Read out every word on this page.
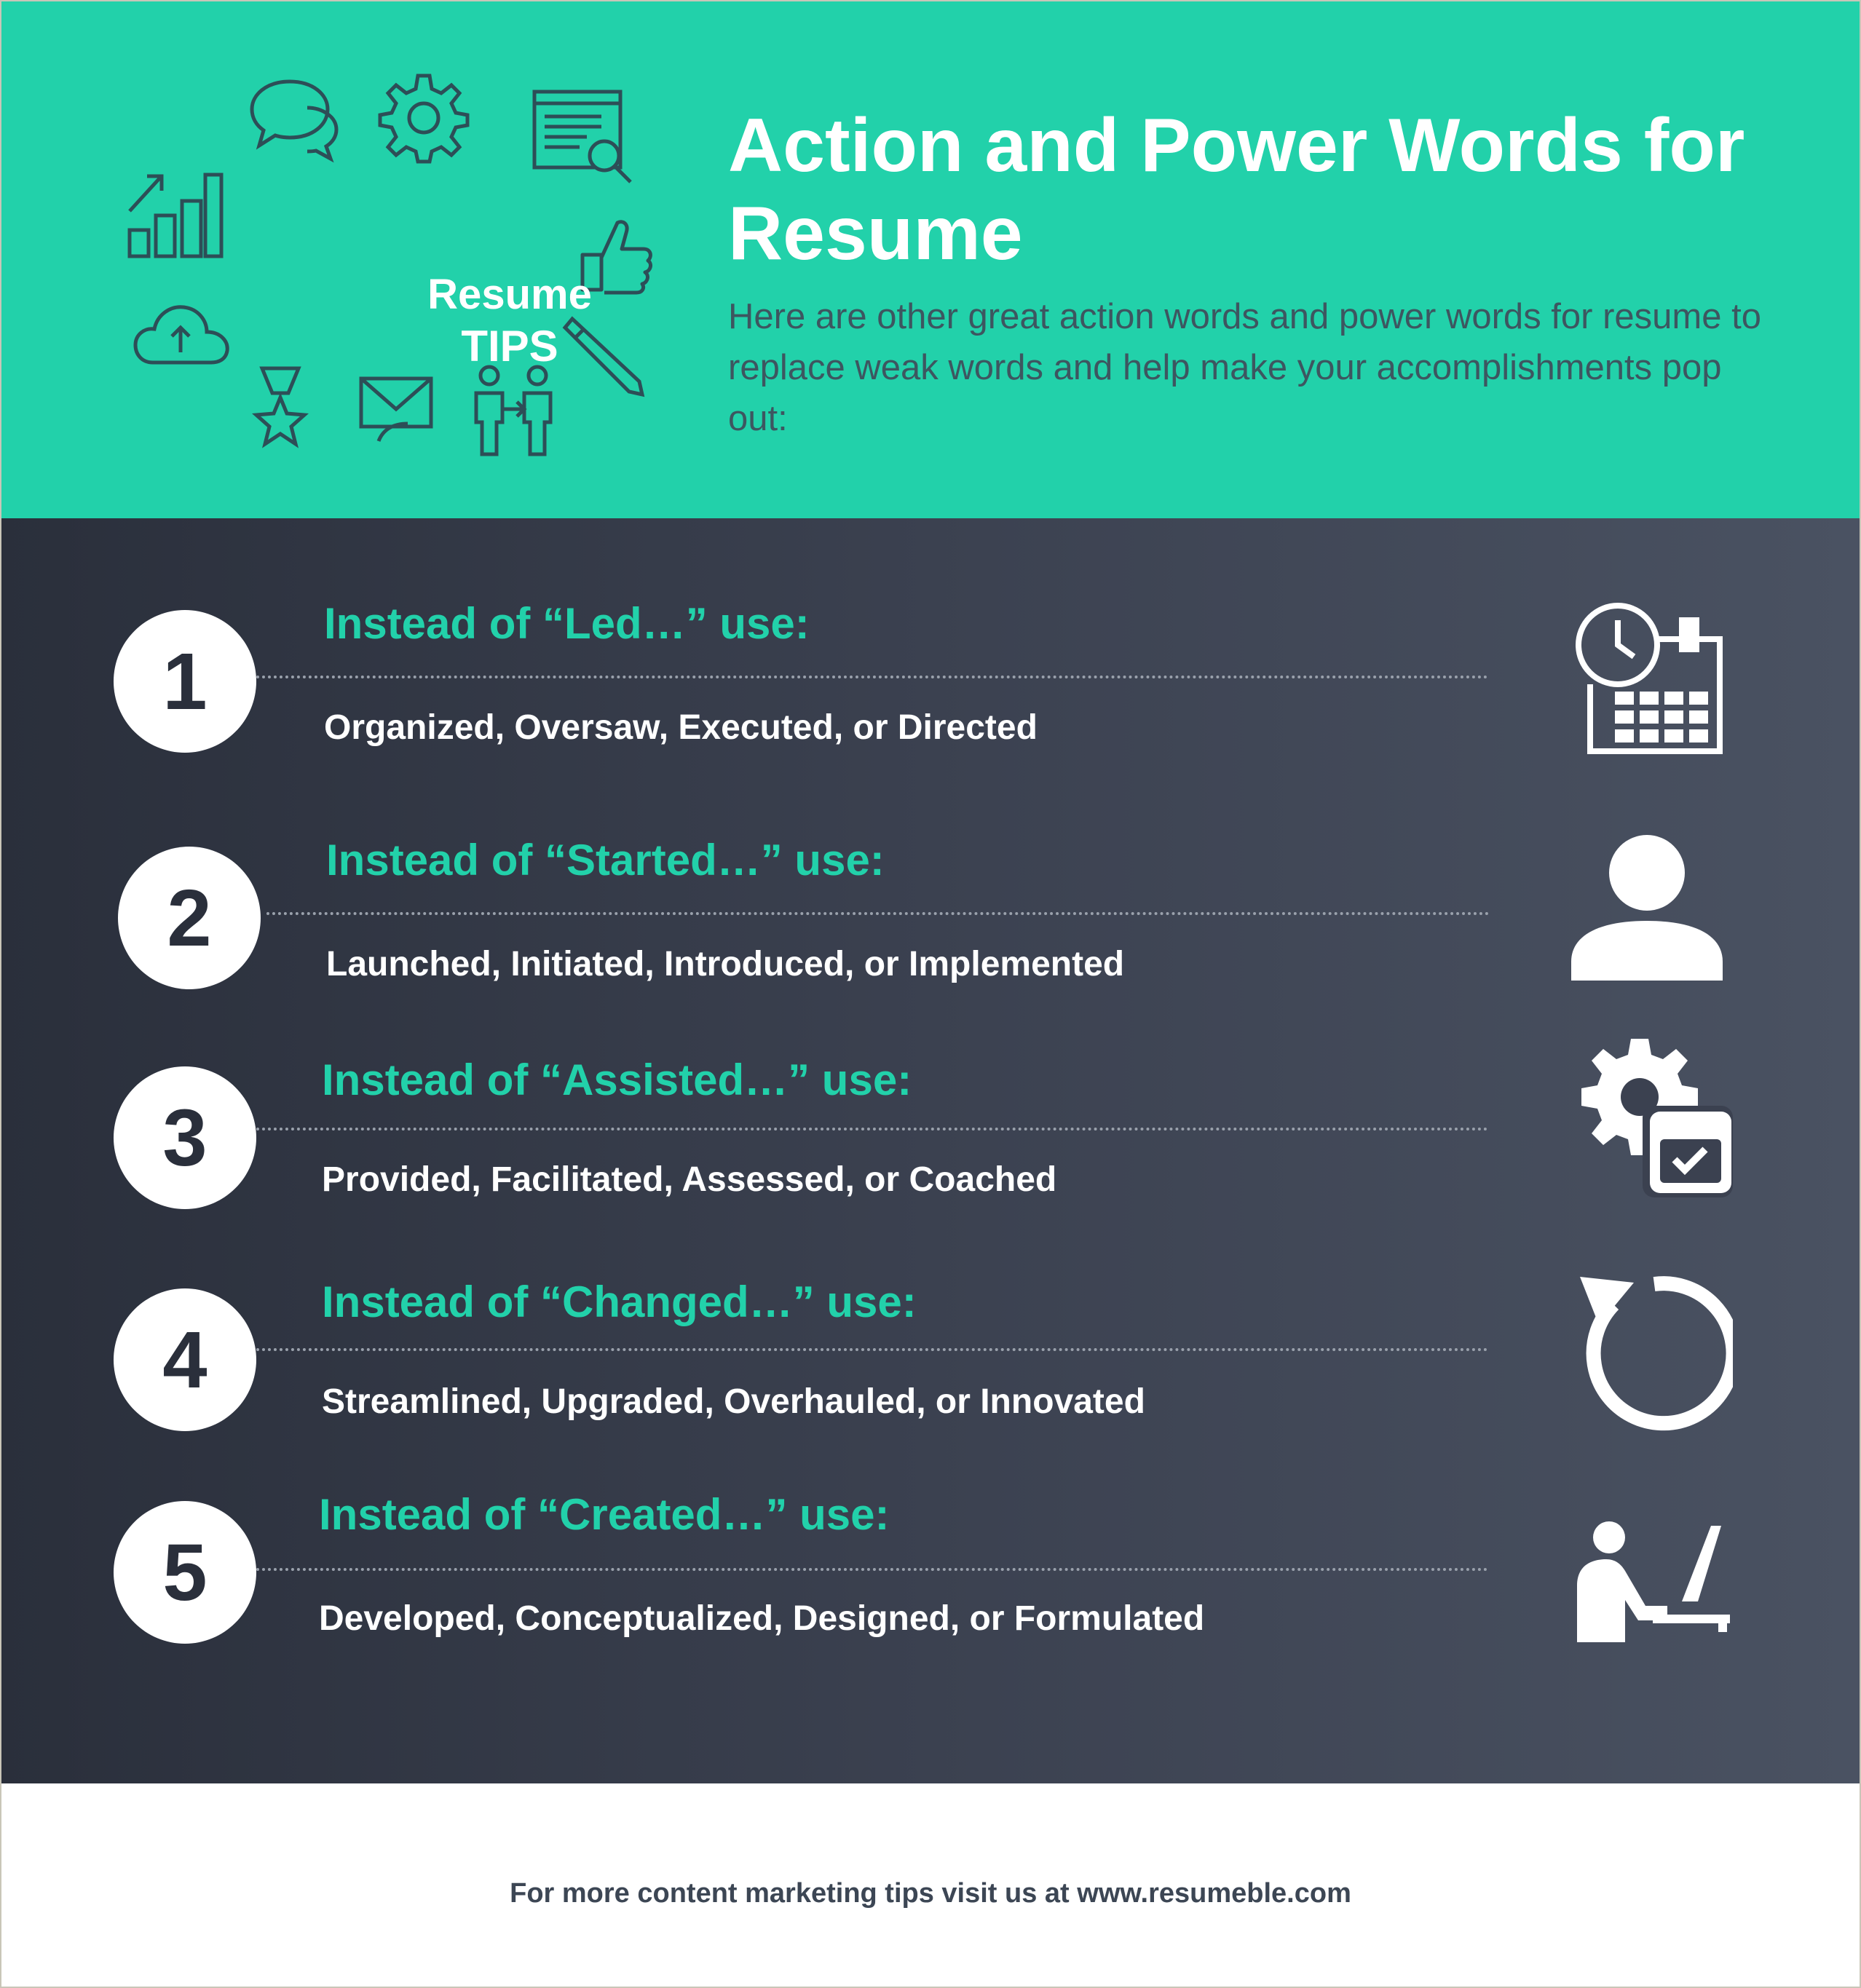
Resume
TIPS
Action and Power Words for Resume

Here are other great action words and power words for resume to replace weak words and help make your accomplishments pop out:

1
Instead of “Led…” use:
Organized, Oversaw, Executed, or Directed
2
Instead of “Started…” use:
Launched, Initiated, Introduced, or Implemented
3
Instead of “Assisted…” use:
Provided, Facilitated, Assessed, or Coached
4
Instead of “Changed…” use:
Streamlined, Upgraded, Overhauled, or Innovated
5
Instead of “Created…” use:
Developed, Conceptualized, Designed, or Formulated
For more content marketing tips visit us at www.resumeble.com
